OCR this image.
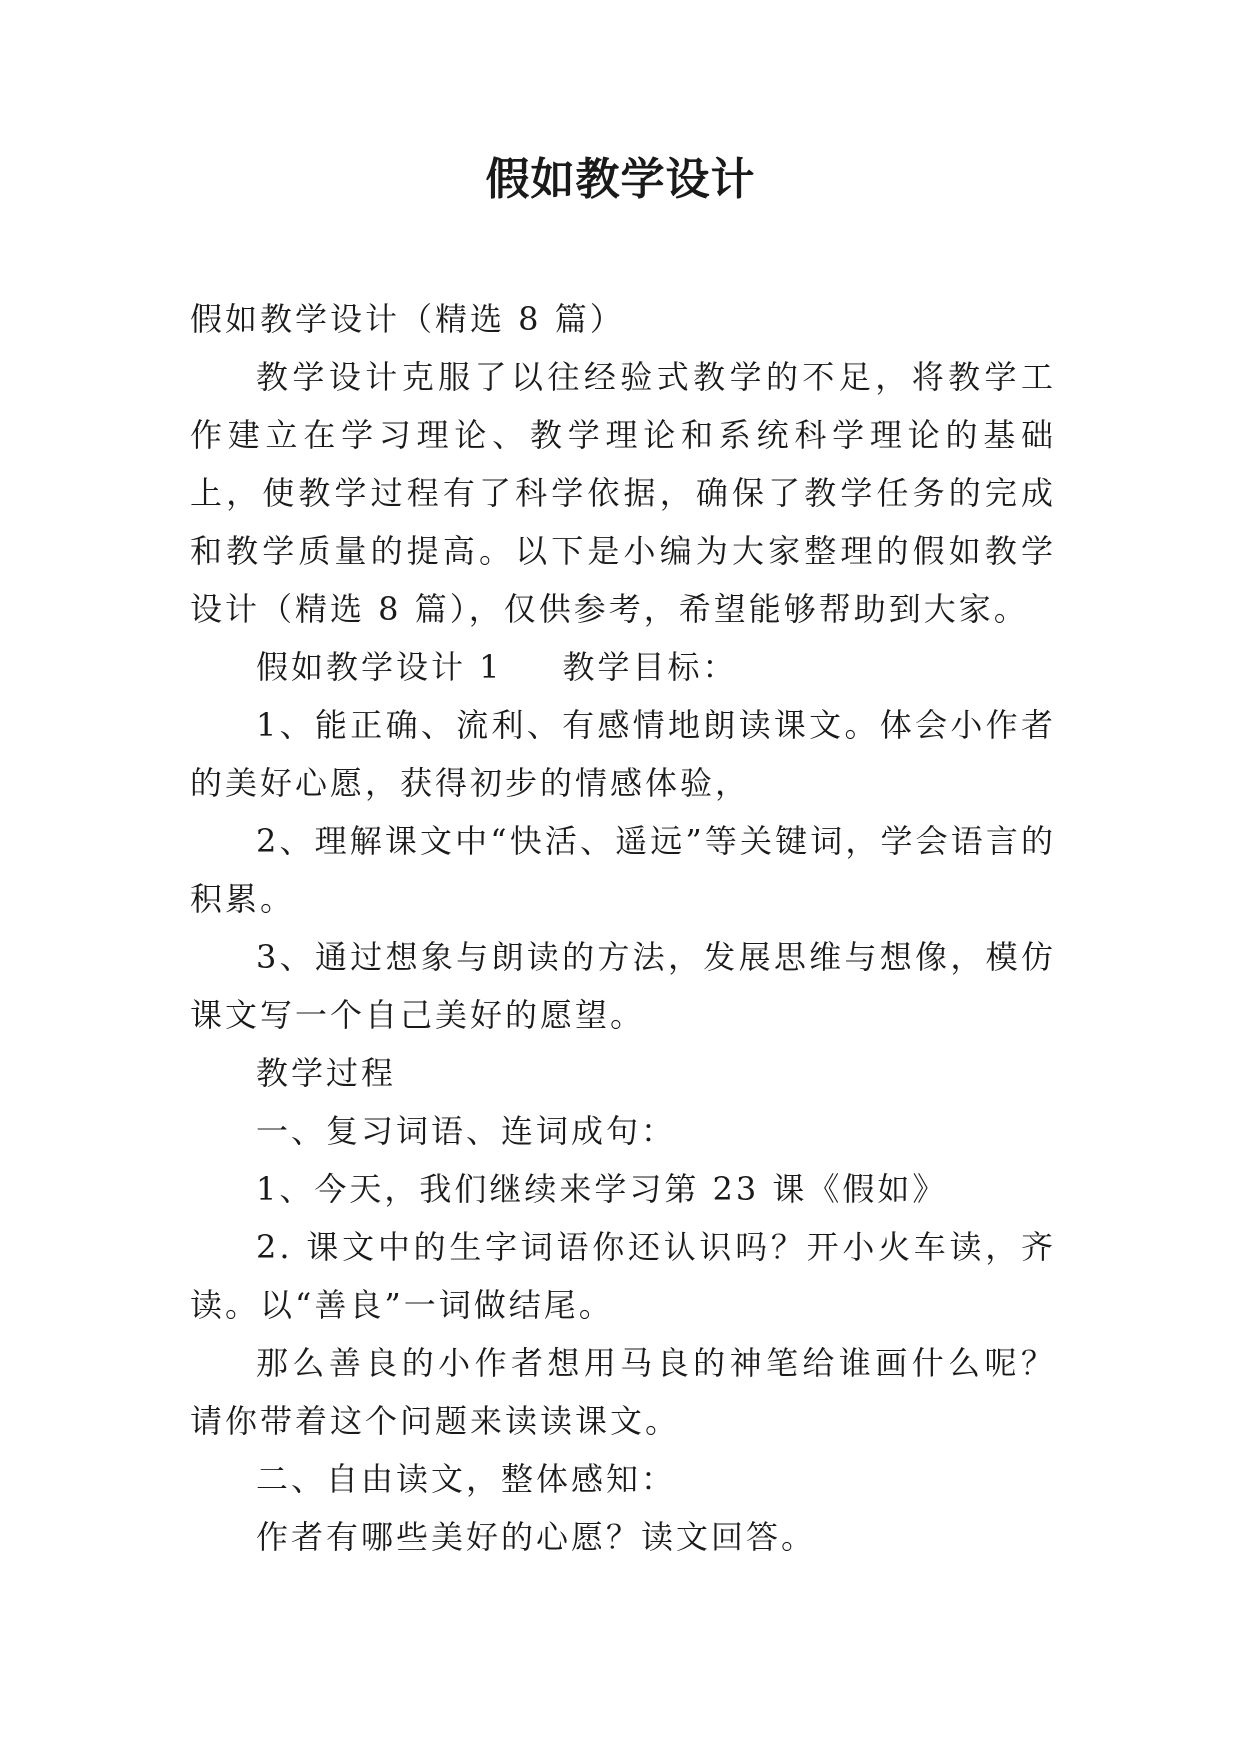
假如教学设计

假如教学设计（精选 8 篇）

教学设计克服了以往经验式教学的不足，将教学工作建立在学习理论、教学理论和系统科学理论的基础上，使教学过程有了科学依据，确保了教学任务的完成和教学质量的提高。以下是小编为大家整理的假如教学设计（精选 8 篇），仅供参考，希望能够帮助到大家。

假如教学设计 1 教学目标：

1、能正确、流利、有感情地朗读课文。体会小作者的美好心愿，获得初步的情感体验，

2、理解课文中“快活、遥远”等关键词，学会语言的积累。

3、通过想象与朗读的方法，发展思维与想像，模仿课文写一个自己美好的愿望。

教学过程

一、复习词语、连词成句：

1、今天，我们继续来学习第 23 课《假如》

2. 课文中的生字词语你还认识吗？开小火车读，齐读。以“善良”一词做结尾。

那么善良的小作者想用马良的神笔给谁画什么呢？请你带着这个问题来读读课文。

二、自由读文，整体感知：

作者有哪些美好的心愿？读文回答。
